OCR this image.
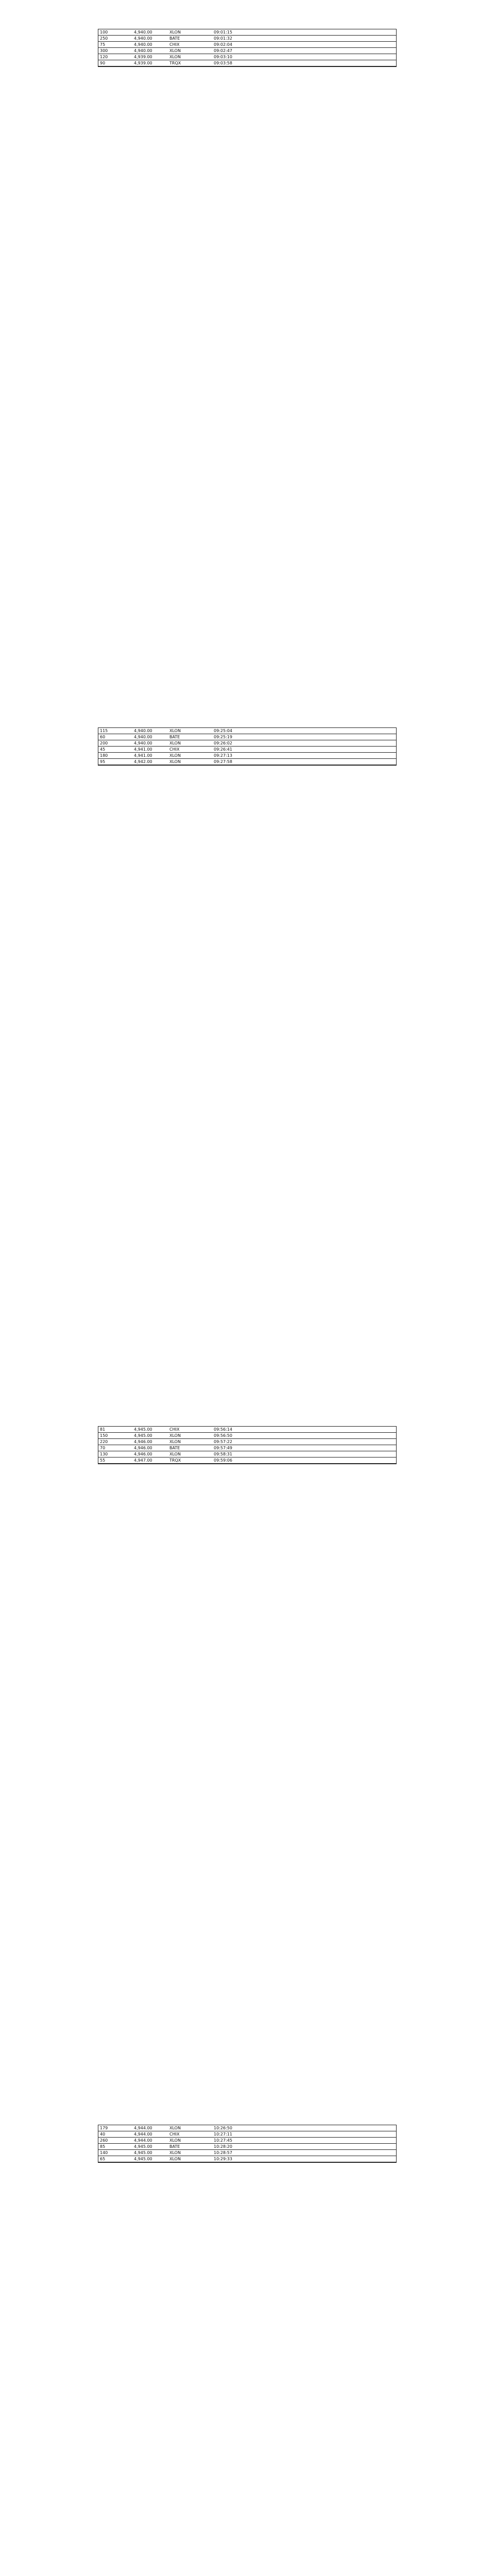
100	4,940.00	XLON	09:01:15	
250	4,940.00	BATE	09:01:32	
75	4,940.00	CHIX	09:02:04	
300	4,940.00	XLON	09:02:47	
120	4,939.00	XLON	09:03:10	
90	4,939.00	TRQX	09:03:58	
115	4,940.00	XLON	09:25:04	
60	4,940.00	BATE	09:25:19	
200	4,940.00	XLON	09:26:02	
45	4,941.00	CHIX	09:26:41	
180	4,941.00	XLON	09:27:13	
95	4,942.00	XLON	09:27:58	
81	4,945.00	CHIX	09:56:14	
150	4,945.00	XLON	09:56:50	
220	4,946.00	XLON	09:57:22	
70	4,946.00	BATE	09:57:49	
130	4,946.00	XLON	09:58:31	
55	4,947.00	TRQX	09:59:06	
179	4,944.00	XLON	10:26:50	
40	4,944.00	CHIX	10:27:11	
260	4,944.00	XLON	10:27:45	
85	4,945.00	BATE	10:28:20	
140	4,945.00	XLON	10:28:57	
65	4,945.00	XLON	10:29:33	
